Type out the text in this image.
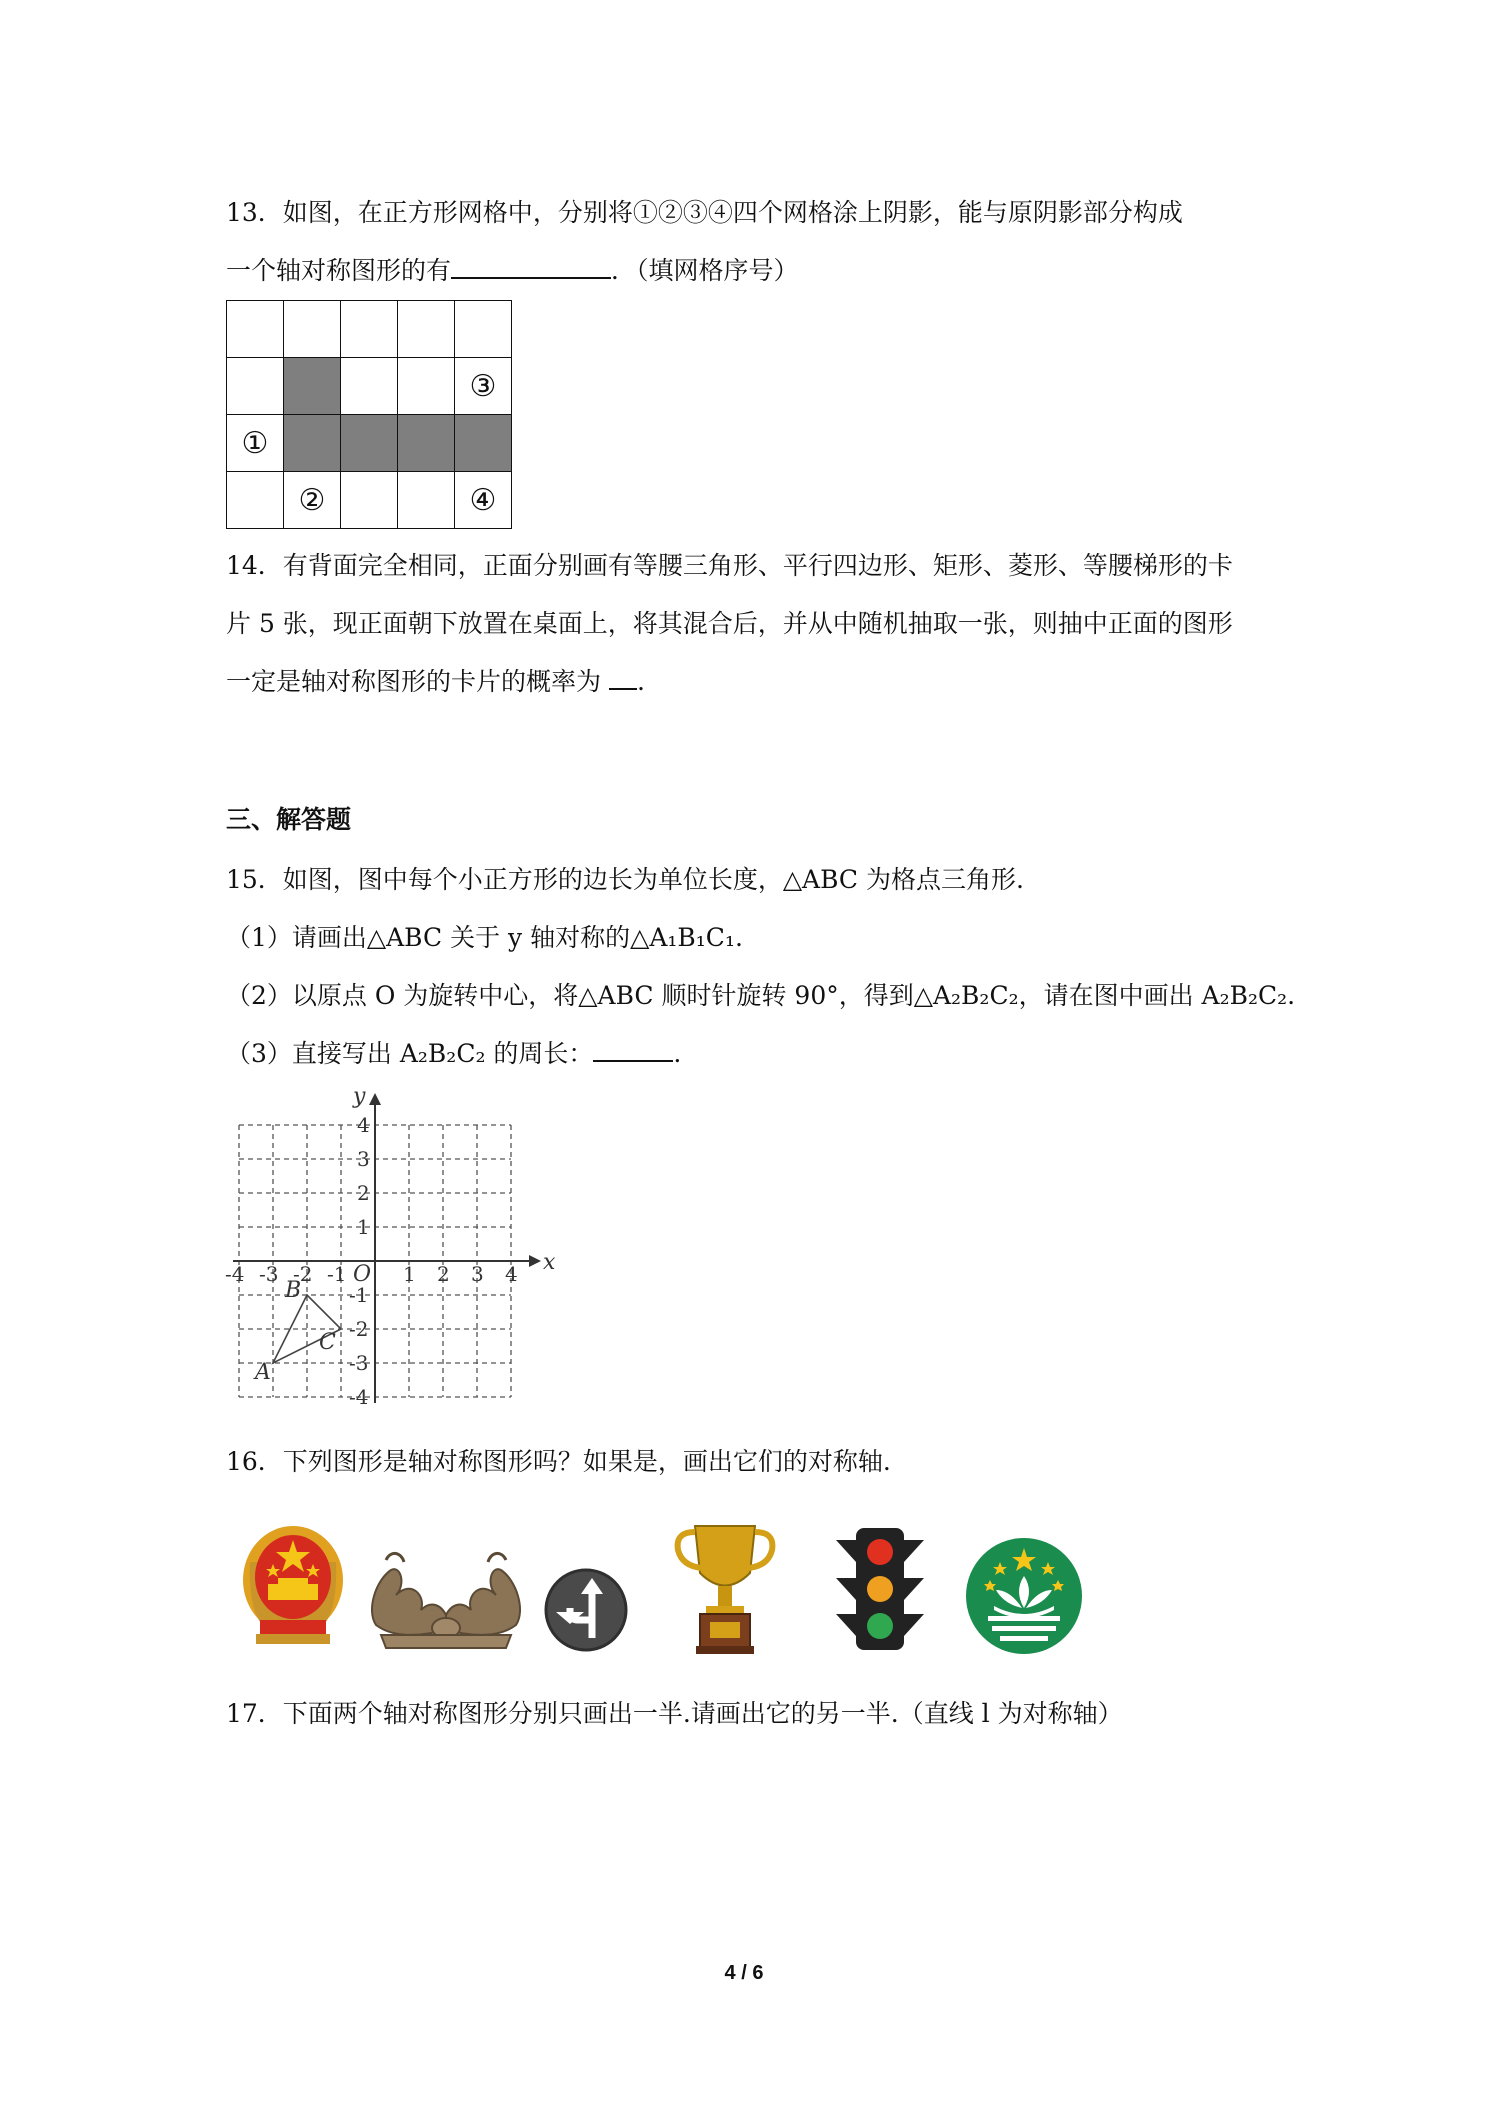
13．如图，在正方形网格中，分别将①②③④四个网格涂上阴影，能与原阴影部分构成
一个轴对称图形的有	．（填网格序号）

				③
①				
	②			④
14．有背面完全相同，正面分别画有等腰三角形、平行四边形、矩形、菱形、等腰梯形的卡
片 5 张，现正面朝下放置在桌面上，将其混合后，并从中随机抽取一张，则抽中正面的图形
一定是轴对称图形的卡片的概率为 .
三、解答题
15．如图，图中每个小正方形的边长为单位长度，△ABC 为格点三角形.
（1）请画出△ABC 关于 y 轴对称的△A₁B₁C₁.
（2）以原点 O 为旋转中心，将△ABC 顺时针旋转 90°，得到△A₂B₂C₂，请在图中画出 A₂B₂C₂.
（3）直接写出 A₂B₂C₂ 的周长：	.
x
y
O
-4 -3 -2 -1	1 2 3 4
4
3
2
1
-1
-2
-3
-4
A
B
C
16．下列图形是轴对称图形吗？如果是，画出它们的对称轴.
17．下面两个轴对称图形分别只画出一半.请画出它的另一半.（直线 l 为对称轴）
4 / 6
